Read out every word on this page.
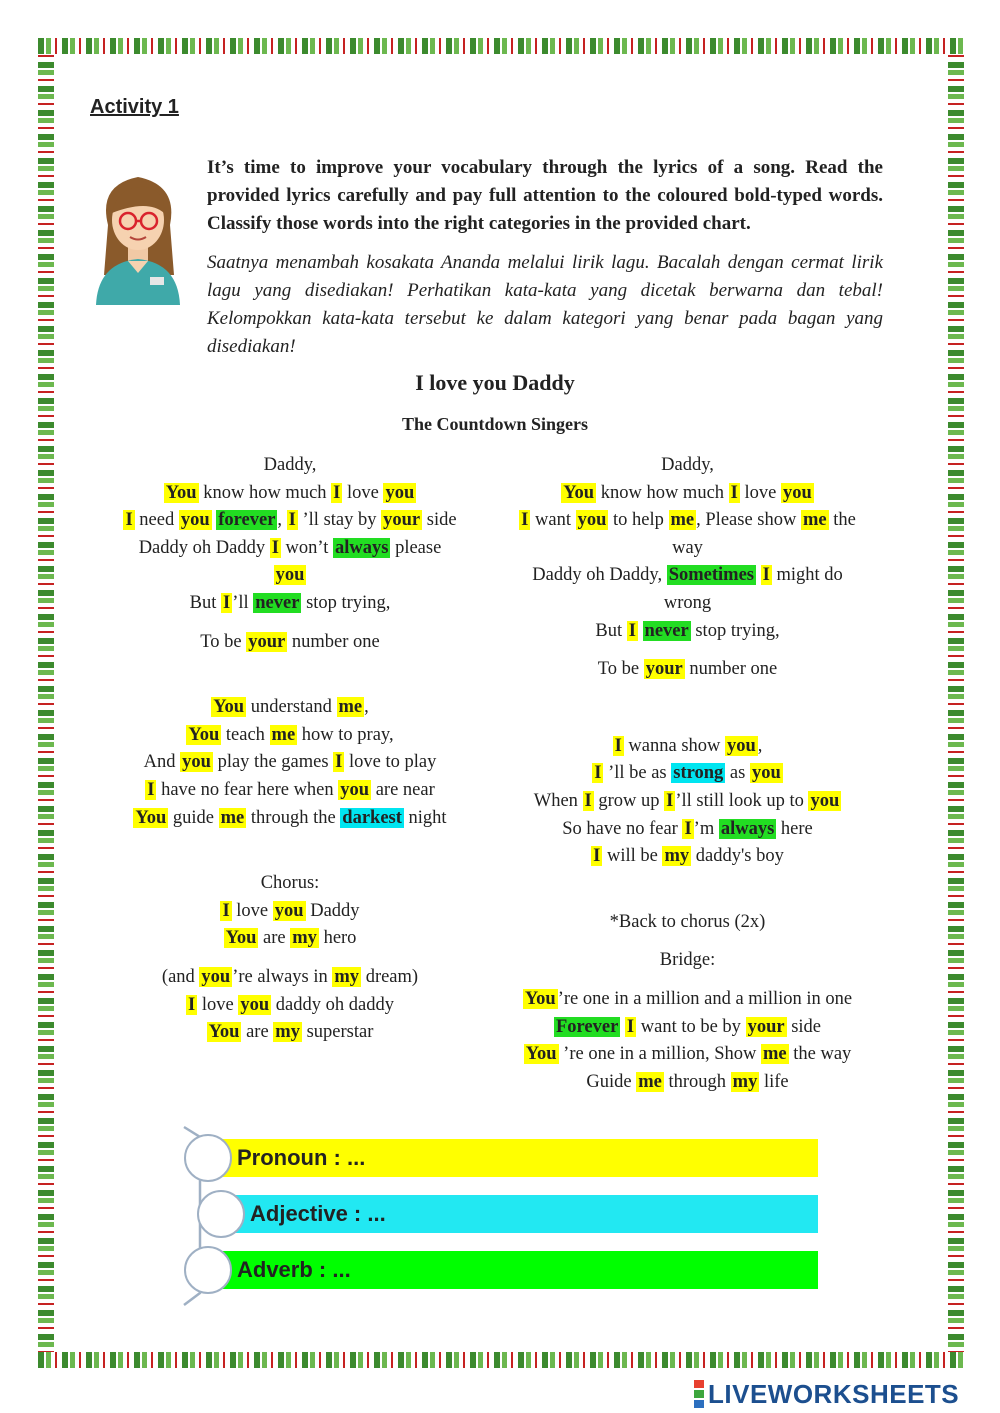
Activity 1
It’s time to improve your vocabulary through the lyrics of a song. Read the provided lyrics carefully and pay full attention to the coloured bold-typed words. Classify those words into the right categories in the provided chart.
Saatnya menambah kosakata Ananda melalui lirik lagu. Bacalah dengan cermat lirik lagu yang disediakan! Perhatikan kata-kata yang dicetak berwarna dan tebal! Kelompokkan kata-kata tersebut ke dalam kategori yang benar pada bagan yang disediakan!
I love you Daddy
The Countdown Singers
Daddy,
You know how much I love you
I need you forever , I ’ll stay by your side
Daddy oh Daddy I won’t always please
you
But I ’ll never stop trying,
To be your number one
You understand me ,
You teach me how to pray,
And you play the games I love to play
I have no fear here when you are near
You guide me through the darkest night
Chorus:
I love you Daddy
You are my hero
(and you ’re always in my dream)
I love you daddy oh daddy
You are my superstar
Daddy,
You know how much I love you
I want you to help me , Please show me the
way
Daddy oh Daddy, Sometimes I might do
wrong
But I never stop trying,
To be your number one
I wanna show you ,
I ’ll be as strong as you
When I grow up I ’ll still look up to you
So have no fear I ’m always here
I will be my daddy's boy
*Back to chorus (2x)
Bridge:
You ’re one in a million and a million in one
Forever I want to be by your side
You ’re one in a million, Show me the way
Guide me through my life
Pronoun : ...
Adjective : ...
Adverb : ...
LIVEWORKSHEETS
